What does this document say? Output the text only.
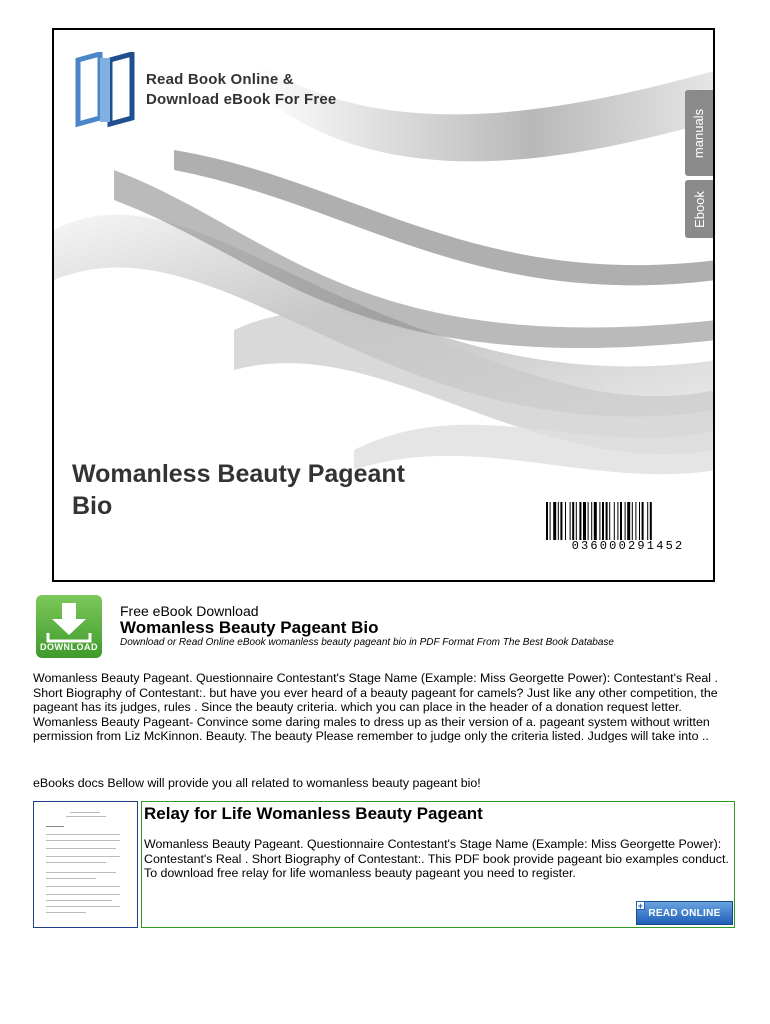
Read Book Online &
Download eBook For Free
manuals
Ebook
Womanless Beauty Pageant
Bio
036000291452
DOWNLOAD
Free eBook Download
Womanless Beauty Pageant Bio
Download or Read Online eBook womanless beauty pageant bio in PDF Format From The Best Book Database
Womanless Beauty Pageant. Questionnaire Contestant's Stage Name (Example: Miss Georgette Power): Contestant's Real . Short Biography of Contestant:. but have you ever heard of a beauty pageant for camels? Just like any other competition, the pageant has its judges, rules . Since the beauty criteria. which you can place in the header of a donation request letter. Womanless Beauty Pageant- Convince some daring males to dress up as their version of a. pageant system without written permission from Liz McKinnon. Beauty. The beauty Please remember to judge only the criteria listed. Judges will take into ..
eBooks docs Bellow will provide you all related to womanless beauty pageant bio!
Relay for Life Womanless Beauty Pageant
Womanless Beauty Pageant. Questionnaire Contestant's Stage Name (Example: Miss Georgette Power): Contestant's Real . Short Biography of Contestant:. This PDF book provide pageant bio examples conduct. To download free relay for life womanless beauty pageant you need to register.
+
READ ONLINE
